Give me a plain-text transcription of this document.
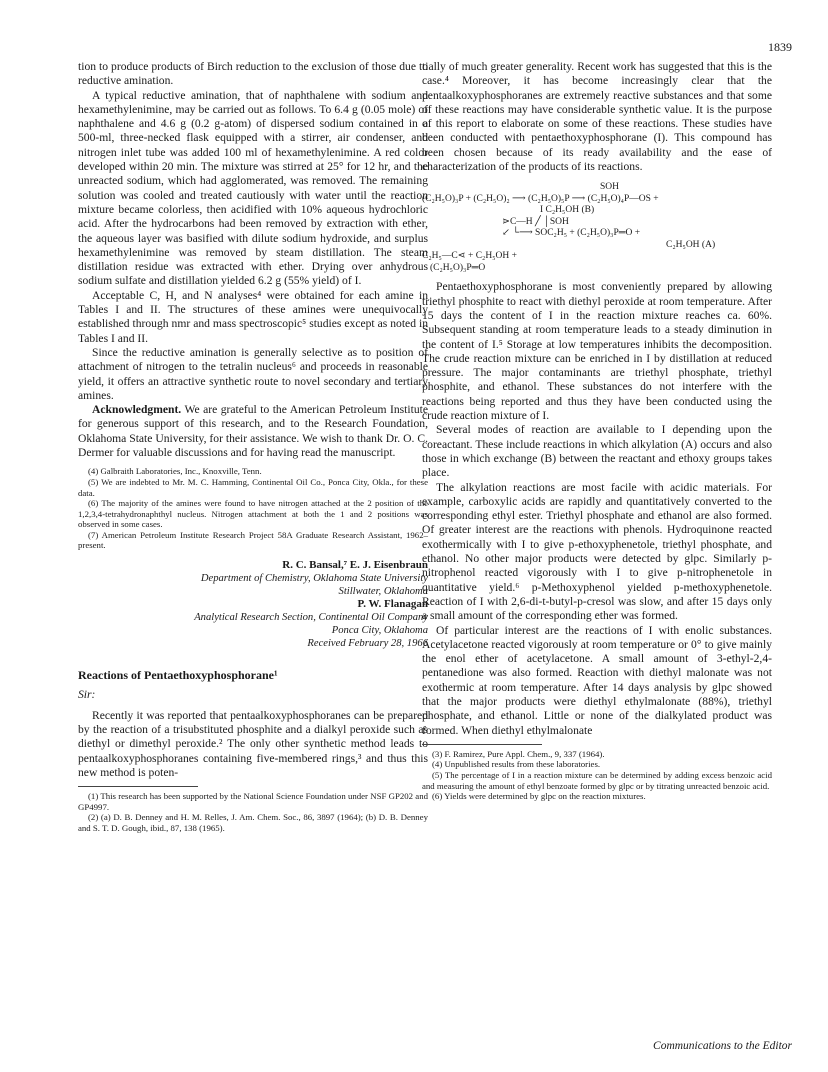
1839

tion to produce products of Birch reduction to the exclusion of those due to reductive amination.

A typical reductive amination, that of naphthalene with sodium and hexamethylenimine, may be carried out as follows. To 6.4 g (0.05 mole) of naphthalene and 4.6 g (0.2 g-atom) of dispersed sodium contained in a 500-ml, three-necked flask equipped with a stirrer, air condenser, and nitrogen inlet tube was added 100 ml of hexamethylenimine. A red color developed within 20 min. The mixture was stirred at 25° for 12 hr, and the unreacted sodium, which had agglomerated, was removed. The remaining solution was cooled and treated cautiously with water until the reaction mixture became colorless, then acidified with 10% aqueous hydrochloric acid. After the hydrocarbons had been removed by extraction with ether, the aqueous layer was basified with dilute sodium hydroxide, and surplus hexamethylenimine was removed by steam distillation. The steam distillation residue was extracted with ether. Drying over anhydrous sodium sulfate and distillation yielded 6.2 g (55% yield) of I.

Acceptable C, H, and N analyses⁴ were obtained for each amine in Tables I and II. The structures of these amines were unequivocally established through nmr and mass spectroscopic⁵ studies except as noted in Tables I and II.

Since the reductive amination is generally selective as to position of attachment of nitrogen to the tetralin nucleus⁶ and proceeds in reasonable yield, it offers an attractive synthetic route to novel secondary and tertiary amines.

Acknowledgment. We are grateful to the American Petroleum Institute for generous support of this research, and to the Research Foundation, Oklahoma State University, for their assistance. We wish to thank Dr. O. C. Dermer for valuable discussions and for having read the manuscript.

(4) Galbraith Laboratories, Inc., Knoxville, Tenn.

(5) We are indebted to Mr. M. C. Hamming, Continental Oil Co., Ponca City, Okla., for these data.

(6) The majority of the amines were found to have nitrogen attached at the 2 position of the 1,2,3,4-tetrahydronaphthyl nucleus. Nitrogen attachment at both the 1 and 2 positions was observed in some cases.

(7) American Petroleum Institute Research Project 58A Graduate Research Assistant, 1962–present.

R. C. Bansal,⁷ E. J. Eisenbraun
Department of Chemistry, Oklahoma State University
Stillwater, Oklahoma
P. W. Flanagan
Analytical Research Section, Continental Oil Company
Ponca City, Oklahoma
Received February 28, 1966
Reactions of Pentaethoxyphosphorane¹
Sir:

Recently it was reported that pentaalkoxyphosphoranes can be prepared by the reaction of a trisubstituted phosphite and a dialkyl peroxide such as diethyl or dimethyl peroxide.² The only other synthetic method leads to pentaalkoxyphosphoranes containing five-membered rings,³ and thus this new method is poten-

(1) This research has been supported by the National Science Foundation under NSF GP202 and GP4997.

(2) (a) D. B. Denney and H. M. Relles, J. Am. Chem. Soc., 86, 3897 (1964); (b) D. B. Denney and S. T. D. Gough, ibid., 87, 138 (1965).

tially of much greater generality. Recent work has suggested that this is the case.⁴ Moreover, it has become increasingly clear that the pentaalkoxyphosphoranes are extremely reactive substances and that some of these reactions may have considerable synthetic value. It is the purpose of this report to elaborate on some of these reactions. These studies have been conducted with pentaethoxyphosphorane (I). This compound has been chosen because of its ready availability and the ease of characterization of the products of its reactions.

SOH
(C₂H₅O)₃P + (C₂H₅O)₂ ⟶ (C₂H₅O)₅P ⟶ (C₂H₅O)₄P—OS +
I C₂H₅OH (B)
⋗C—H ╱ │SOH
↙ └⟶ SOC₂H₅ + (C₂H₅O)₃P═O +
C₂H₅OH (A)
C₂H₅—C⋖ + C₂H₅OH +
(C₂H₅O)₃P═O

Pentaethoxyphosphorane is most conveniently prepared by allowing triethyl phosphite to react with diethyl peroxide at room temperature. After 15 days the content of I in the reaction mixture reaches ca. 60%. Subsequent standing at room temperature leads to a steady diminution in the content of I.⁵ Storage at low temperatures inhibits the decomposition. The crude reaction mixture can be enriched in I by distillation at reduced pressure. The major contaminants are triethyl phosphate, triethyl phosphite, and ethanol. These substances do not interfere with the reactions being reported and thus they have been conducted using the crude reaction mixture of I.

Several modes of reaction are available to I depending upon the coreactant. These include reactions in which alkylation (A) occurs and also those in which exchange (B) between the reactant and ethoxy groups takes place.

The alkylation reactions are most facile with acidic materials. For example, carboxylic acids are rapidly and quantitatively converted to the corresponding ethyl ester. Triethyl phosphate and ethanol are also formed. Of greater interest are the reactions with phenols. Hydroquinone reacted exothermically with I to give p-ethoxyphenetole, triethyl phosphate, and ethanol. No other major products were detected by glpc. Similarly p-nitrophenol reacted vigorously with I to give p-nitrophenetole in quantitative yield.⁶ p-Methoxyphenol yielded p-methoxyphenetole. Reaction of I with 2,6-di-t-butyl-p-cresol was slow, and after 15 days only a small amount of the corresponding ether was formed.

Of particular interest are the reactions of I with enolic substances. Acetylacetone reacted vigorously at room temperature or 0° to give mainly the enol ether of acetylacetone. A small amount of 3-ethyl-2,4-pentanedione was also formed. Reaction with diethyl malonate was not exothermic at room temperature. After 14 days analysis by glpc showed that the major products were diethyl ethylmalonate (88%), triethyl phosphate, and ethanol. Little or none of the dialkylated product was formed. When diethyl ethylmalonate

(3) F. Ramirez, Pure Appl. Chem., 9, 337 (1964).

(4) Unpublished results from these laboratories.

(5) The percentage of I in a reaction mixture can be determined by adding excess benzoic acid and measuring the amount of ethyl benzoate formed by glpc or by titrating unreacted benzoic acid.

(6) Yields were determined by glpc on the reaction mixtures.

Communications to the Editor
